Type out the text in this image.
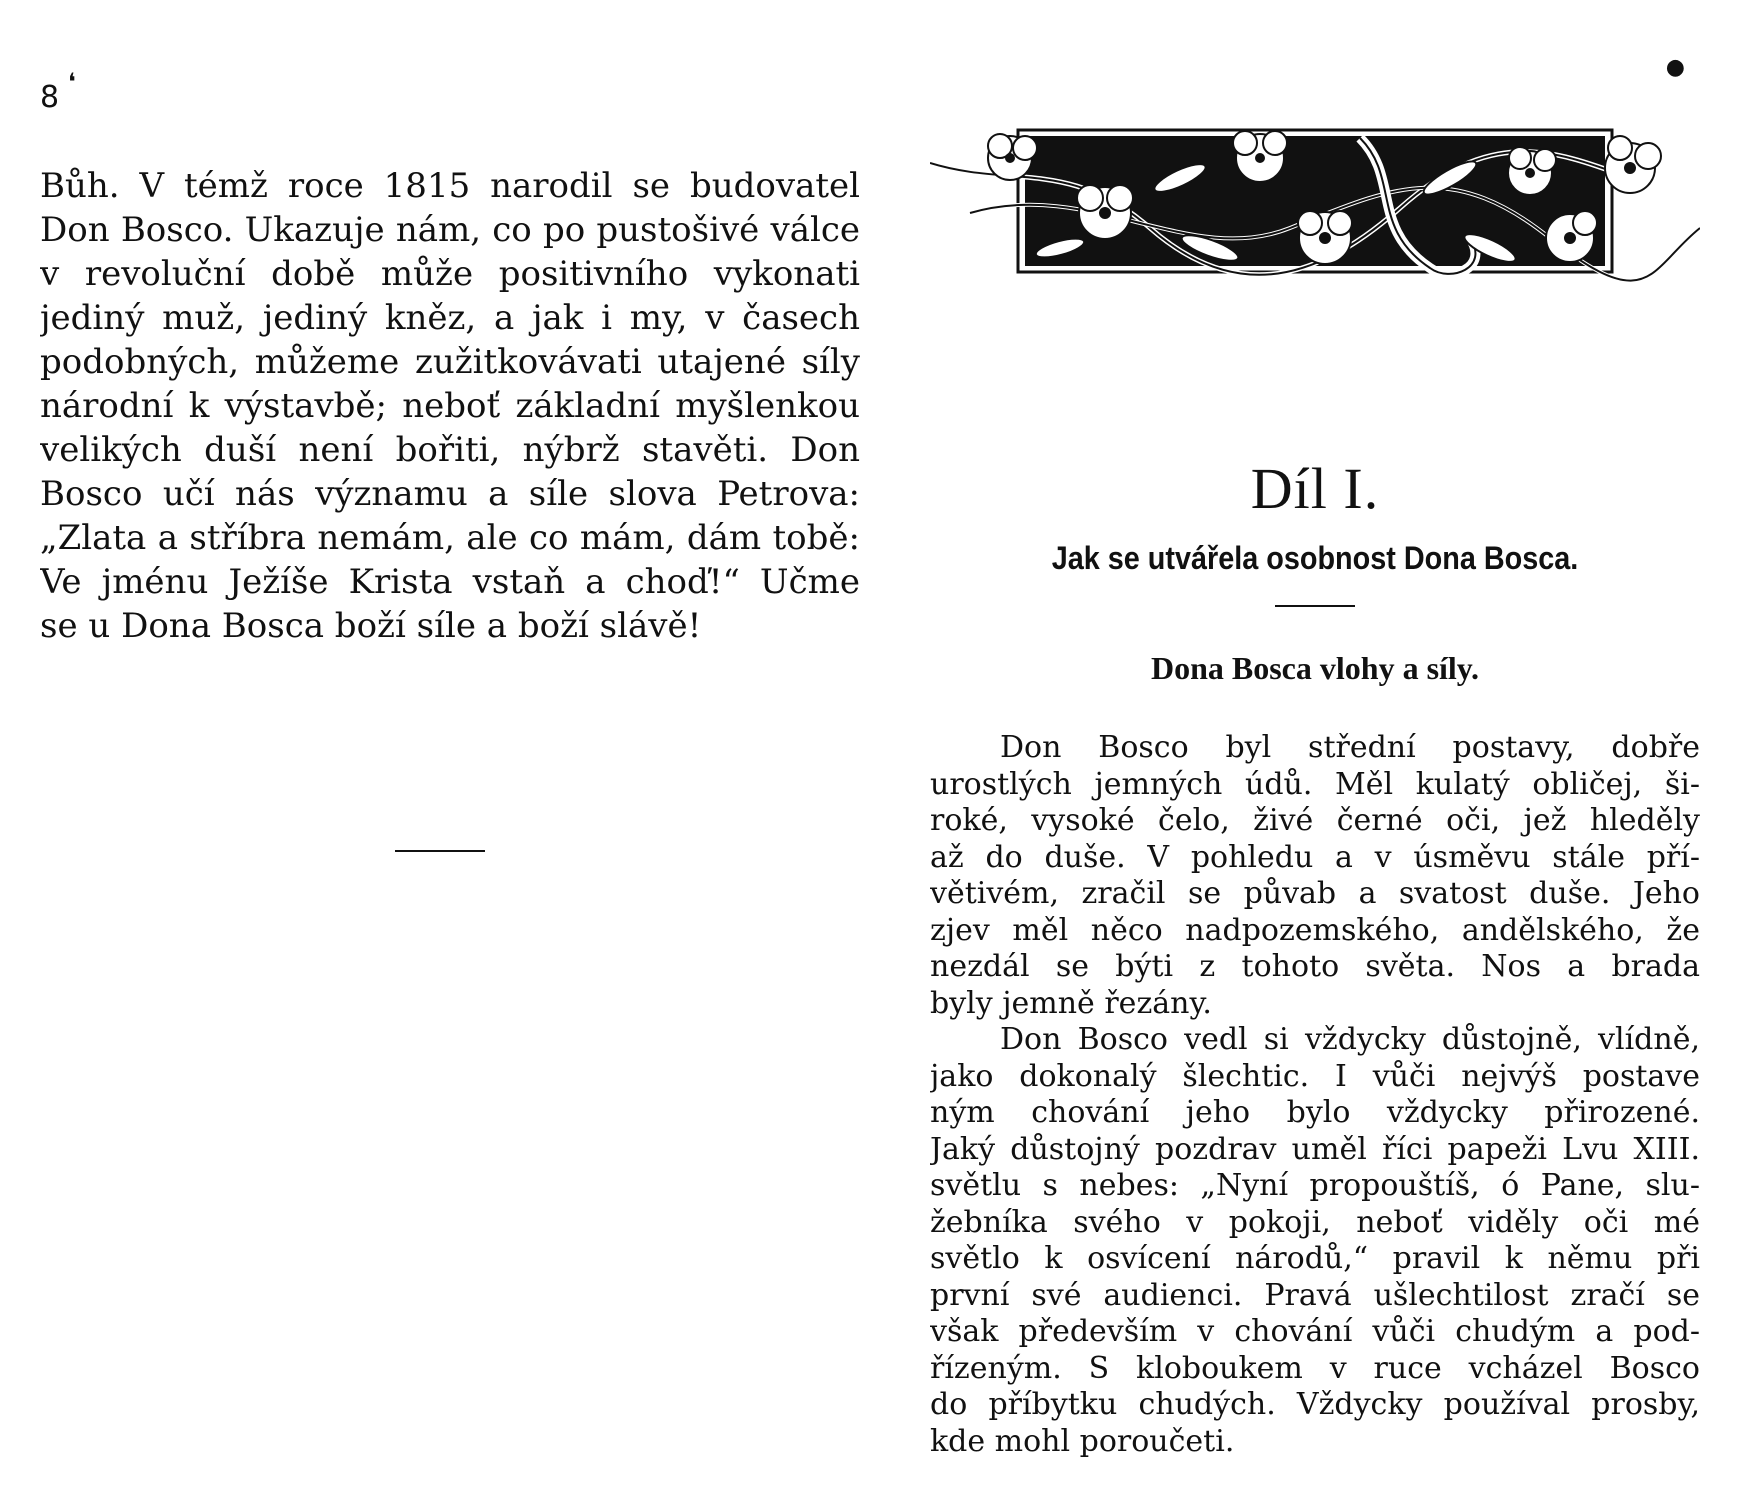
8 ❛
Bůh. V témž roce 1815 narodil se budovatel
Don Bosco. Ukazuje nám, co po pustošivé válce
v revoluční době může positivního vykonati
jediný muž, jediný kněz, a jak i my, v časech
podobných, můžeme zužitkovávati utajené síly
národní k výstavbě; neboť základní myšlenkou
velikých duší není bořiti, nýbrž stavěti. Don
Bosco učí nás významu a síle slova Petrova:
„Zlata a stříbra nemám, ale co mám, dám tobě:
Ve jménu Ježíše Krista vstaň a choď!“ Učme
se u Dona Bosca boží síle a boží slávě!
●
Díl I.
Jak se utvářela osobnost Dona Bosca.
Dona Bosca vlohy a síly.
Don Bosco byl střední postavy, dobře
urostlých jemných údů. Měl kulatý obličej, ši-
roké, vysoké čelo, živé černé oči, jež hleděly
až do duše. V pohledu a v úsměvu stále pří-
větivém, zračil se půvab a svatost duše. Jeho
zjev měl něco nadpozemského, andělského, že
nezdál se býti z tohoto světa. Nos a brada
byly jemně řezány.
Don Bosco vedl si vždycky důstojně, vlídně,
jako dokonalý šlechtic. I vůči nejvýš postave
ným chování jeho bylo vždycky přirozené.
Jaký důstojný pozdrav uměl říci papeži Lvu XIII.
světlu s nebes: „Nyní propouštíš, ó Pane, slu-
žebníka svého v pokoji, neboť viděly oči mé
světlo k osvícení národů,“ pravil k němu při
první své audienci. Pravá ušlechtilost zračí se
však především v chování vůči chudým a pod-
řízeným. S kloboukem v ruce vcházel Bosco
do příbytku chudých. Vždycky používal prosby,
kde mohl poroučeti.
